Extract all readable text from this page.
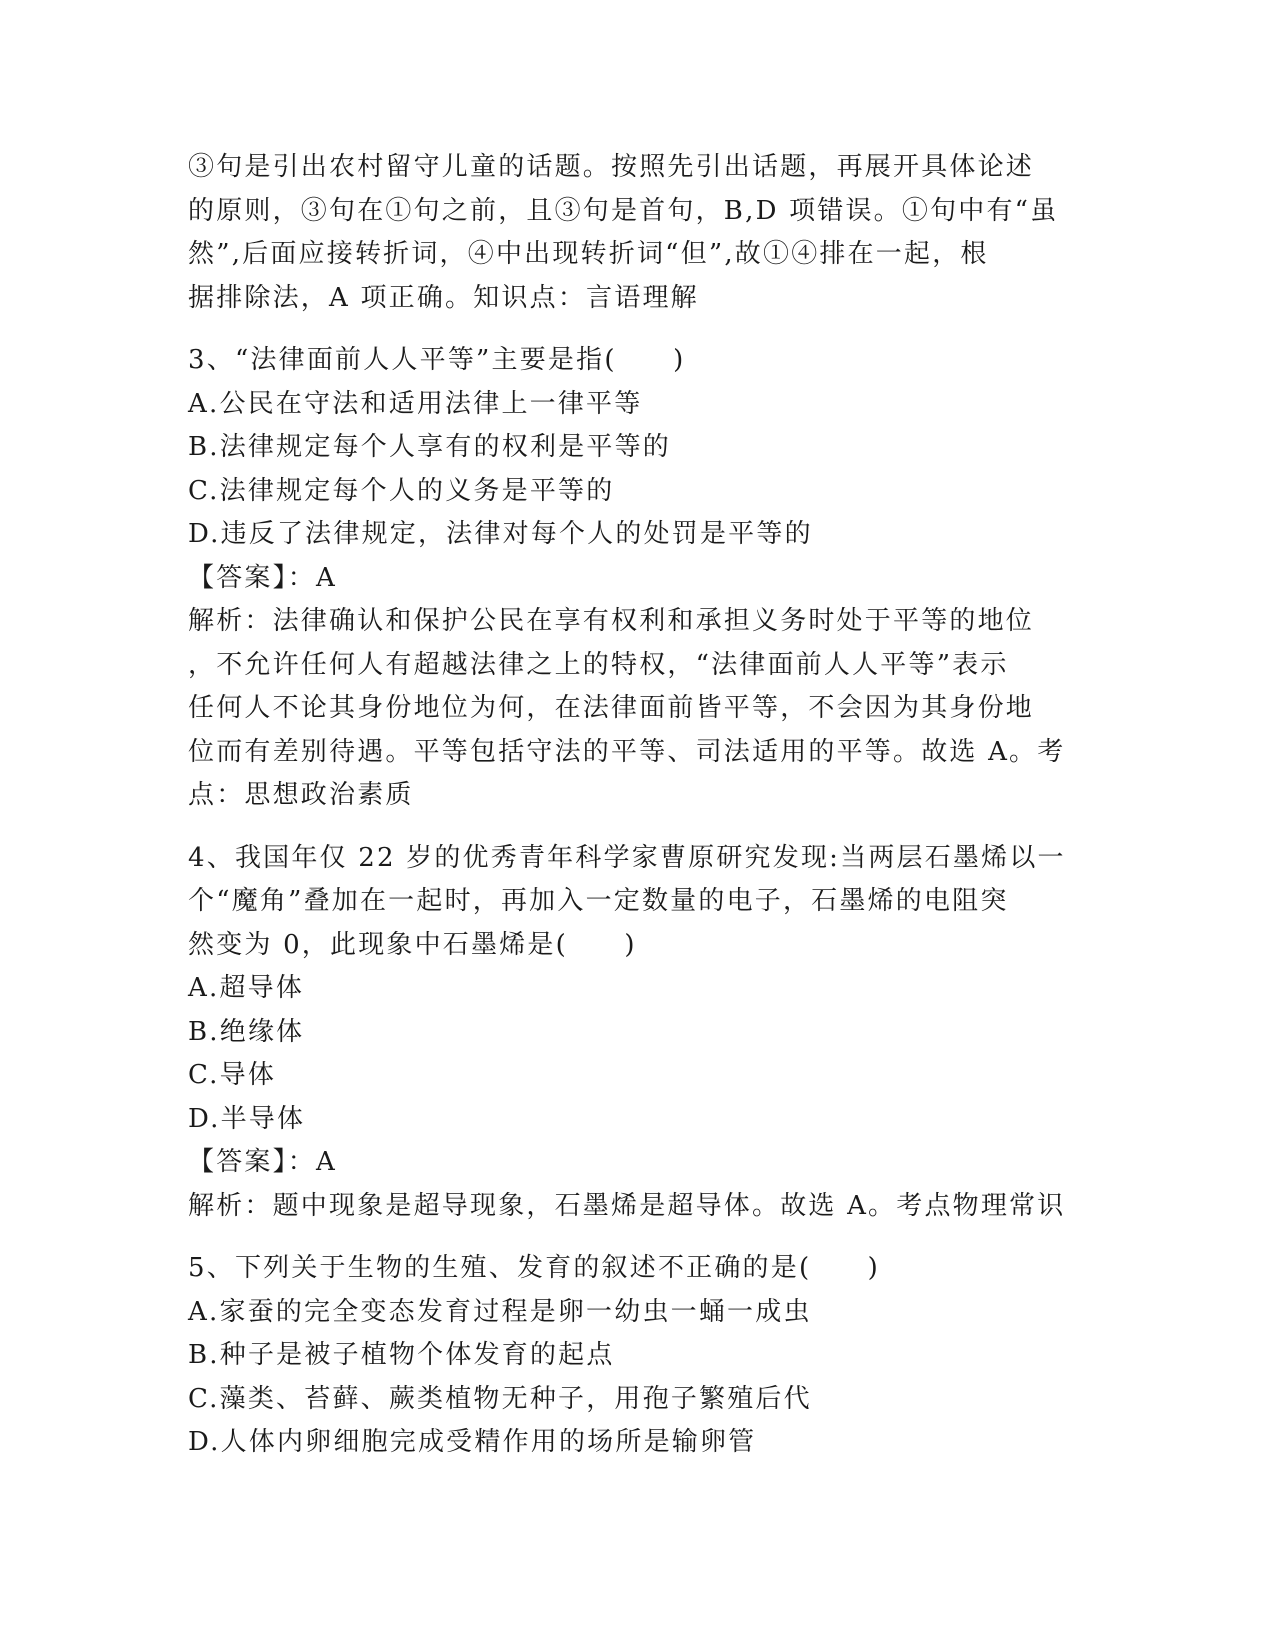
③句是引出农村留守儿童的话题。按照先引出话题，再展开具体论述
的原则，③句在①句之前，且③句是首句，B,D 项错误。①句中有“虽
然”,后面应接转折词，④中出现转折词“但”,故①④排在一起，根
据排除法，A 项正确。知识点：言语理解
3、“法律面前人人平等”主要是指(　　)
A.公民在守法和适用法律上一律平等
B.法律规定每个人享有的权利是平等的
C.法律规定每个人的义务是平等的
D.违反了法律规定，法律对每个人的处罚是平等的
【答案】：A
解析：法律确认和保护公民在享有权利和承担义务时处于平等的地位
，不允许任何人有超越法律之上的特权，“法律面前人人平等”表示
任何人不论其身份地位为何，在法律面前皆平等，不会因为其身份地
位而有差别待遇。平等包括守法的平等、司法适用的平等。故选 A。考
点：思想政治素质
4、我国年仅 22 岁的优秀青年科学家曹原研究发现:当两层石墨烯以一
个“魔角”叠加在一起时，再加入一定数量的电子，石墨烯的电阻突
然变为 0，此现象中石墨烯是(　　)
A.超导体
B.绝缘体
C.导体
D.半导体
【答案】：A
解析：题中现象是超导现象，石墨烯是超导体。故选 A。考点物理常识
5、下列关于生物的生殖、发育的叙述不正确的是(　　)
A.家蚕的完全变态发育过程是卵一幼虫一蛹一成虫
B.种子是被子植物个体发育的起点
C.藻类、苔藓、蕨类植物无种子，用孢子繁殖后代
D.人体内卵细胞完成受精作用的场所是输卵管
